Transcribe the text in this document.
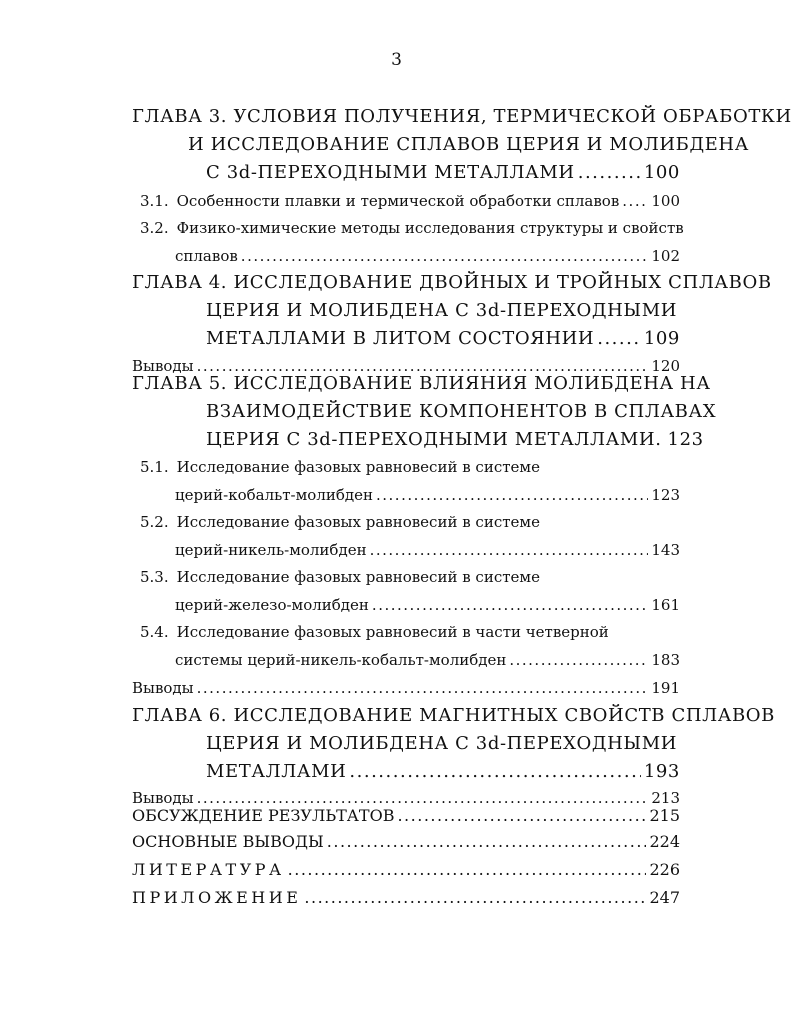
3
ГЛАВА 3. УСЛОВИЯ ПОЛУЧЕНИЯ, ТЕРМИЧЕСКОЙ ОБРАБОТКИ
И ИССЛЕДОВАНИЕ СПЛАВОВ ЦЕРИЯ И МОЛИБДЕНА
С 3d-ПЕРЕХОДНЫМИ МЕТАЛЛАМИ .....	100
3.1. Особенности плавки и термической обработки сплавов ..... 100
3.2. Физико-химические методы исследования структуры и свойств
сплавов .....	102
ГЛАВА 4. ИССЛЕДОВАНИЕ ДВОЙНЫХ И ТРОЙНЫХ СПЛАВОВ
ЦЕРИЯ И МОЛИБДЕНА С 3d-ПЕРЕХОДНЫМИ
МЕТАЛЛАМИ В ЛИТОМ СОСТОЯНИИ .....	109
Выводы .....	120
ГЛАВА 5. ИССЛЕДОВАНИЕ ВЛИЯНИЯ МОЛИБДЕНА НА
ВЗАИМОДЕЙСТВИЕ КОМПОНЕНТОВ В СПЛАВАХ
ЦЕРИЯ С 3d-ПЕРЕХОДНЫМИ МЕТАЛЛАМИ. 123
5.1. Исследование фазовых равновесий в системе
церий-кобальт-молибден .....	123
5.2. Исследование фазовых равновесий в системе
церий-никель-молибден .....	143
5.3. Исследование фазовых равновесий в системе
церий-железо-молибден .....	161
5.4. Исследование фазовых равновесий в части четверной
системы церий-никель-кобальт-молибден .....	183
Выводы .....	191
ГЛАВА 6. ИССЛЕДОВАНИЕ МАГНИТНЫХ СВОЙСТВ СПЛАВОВ
ЦЕРИЯ И МОЛИБДЕНА С 3d-ПЕРЕХОДНЫМИ
МЕТАЛЛАМИ .....	193
Выводы .....	213
ОБСУЖДЕНИЕ РЕЗУЛЬТАТОВ .....	215
ОСНОВНЫЕ ВЫВОДЫ .....	224
ЛИТЕРАТУРА .....	226
ПРИЛОЖЕНИЕ .....	247
